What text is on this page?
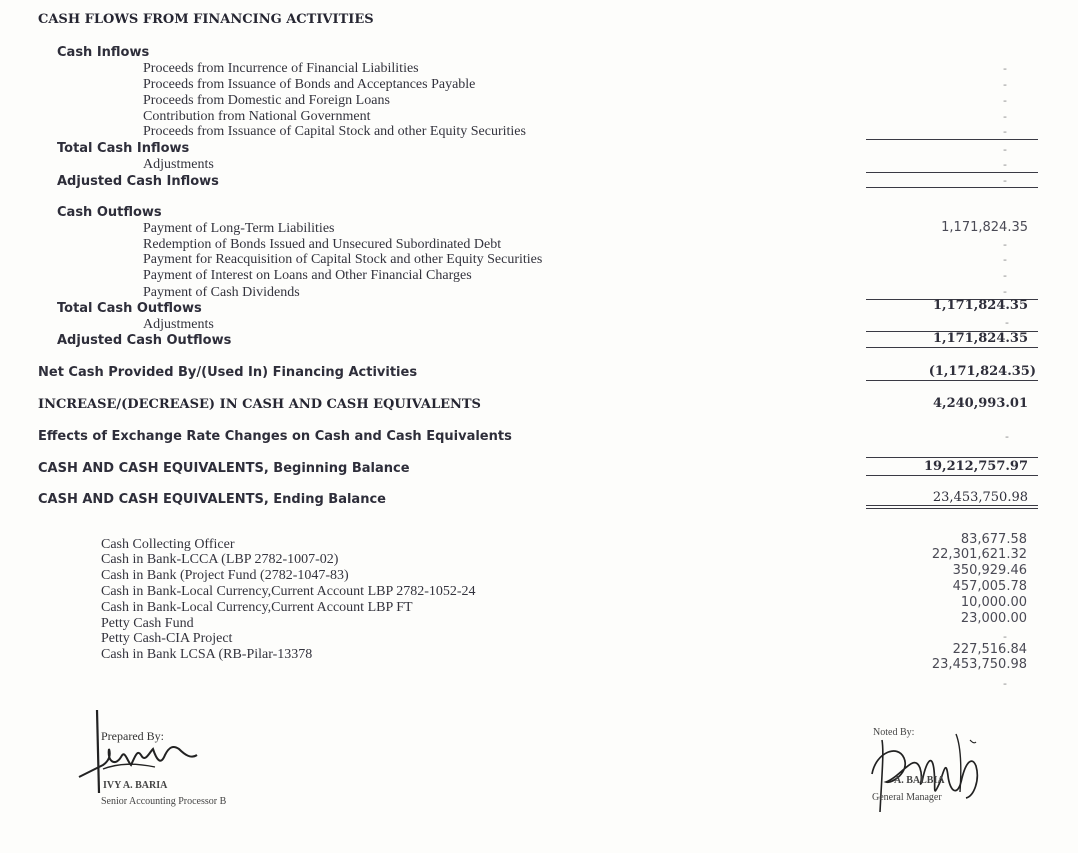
CASH FLOWS FROM FINANCING ACTIVITIES
Cash Inflows
Proceeds from Incurrence of Financial Liabilities	-
Proceeds from Issuance of Bonds and Acceptances Payable	-
Proceeds from Domestic and Foreign Loans	-
Contribution from National Government	-
Proceeds from Issuance of Capital Stock and other Equity Securities	-
Total Cash Inflows	-
Adjustments	-
Adjusted Cash Inflows	-
Cash Outflows
Payment of Long-Term Liabilities	1,171,824.35
Redemption of Bonds Issued and Unsecured Subordinated Debt	-
Payment for Reacquisition of Capital Stock and other Equity Securities	-
Payment of Interest on Loans and Other Financial Charges	-
Payment of Cash Dividends	-
Total Cash Outflows	1,171,824.35
Adjustments	-
Adjusted Cash Outflows	1,171,824.35
Net Cash Provided By/(Used In) Financing Activities	(1,171,824.35)
INCREASE/(DECREASE) IN CASH AND CASH EQUIVALENTS	4,240,993.01
Effects of Exchange Rate Changes on Cash and Cash Equivalents	-
CASH AND CASH EQUIVALENTS, Beginning Balance	19,212,757.97
CASH AND CASH EQUIVALENTS, Ending Balance	23,453,750.98
Cash Collecting Officer	83,677.58
Cash in Bank-LCCA (LBP 2782-1007-02)	22,301,621.32
Cash in Bank (Project Fund (2782-1047-83)	350,929.46
Cash in Bank-Local Currency,Current Account LBP 2782-1052-24	457,005.78
Cash in Bank-Local Currency,Current Account LBP FT	10,000.00
Petty Cash Fund	23,000.00
Petty Cash-CIA Project	-
Cash in Bank LCSA (RB-Pilar-13378	227,516.84
23,453,750.98
-
Prepared By:
IVY A. BARIA
Senior Accounting Processor B
Noted By:
A. BALBIA
General Manager
